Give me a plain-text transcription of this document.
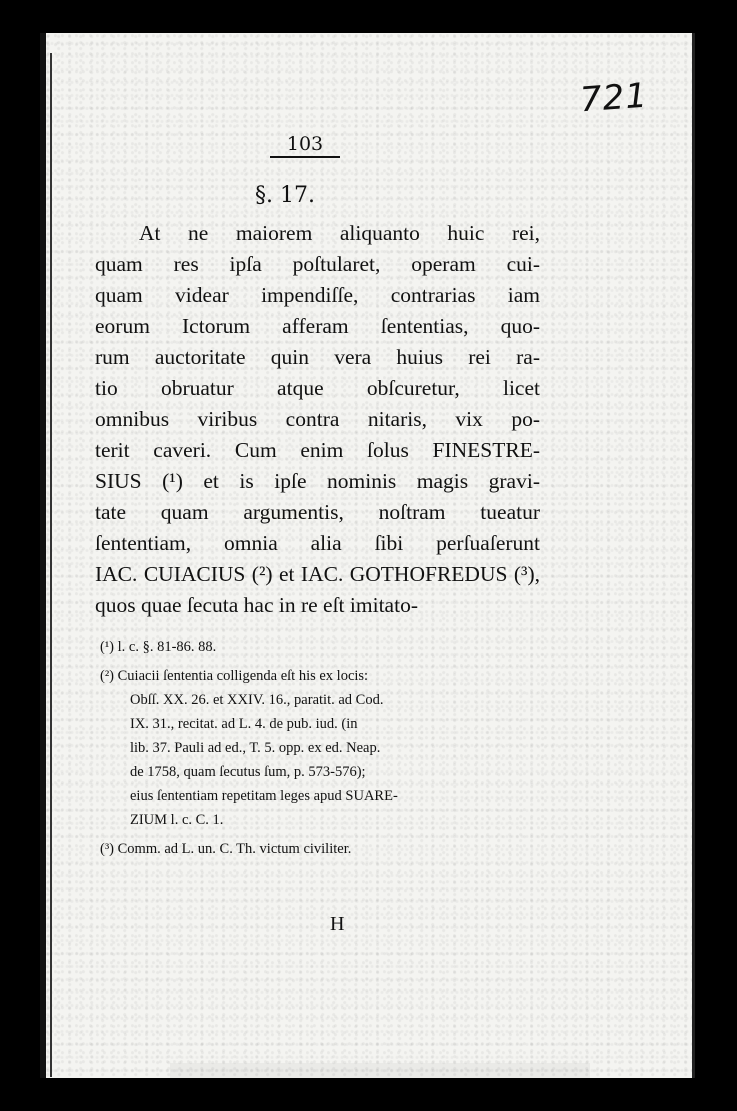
721
103
§. 17.
At ne maiorem aliquanto huic rei,
quam res ipſa poſtularet, operam cui-
quam videar impendiſſe, contrarias iam
eorum Ictorum afferam ſententias, quo-
rum auctoritate quin vera huius rei ra-
tio obruatur atque obſcuretur, licet
omnibus viribus contra nitaris, vix po-
terit caveri. Cum enim ſolus FINESTRE-
SIUS (¹) et is ipſe nominis magis gravi-
tate quam argumentis, noſtram tueatur
ſententiam, omnia alia ſibi perſuaſerunt
IAC. CUIACIUS (²) et IAC. GOTHOFREDUS (³),
quos quae ſecuta hac in re eſt imitato-
(¹) l. c. §. 81-86. 88.
(²) Cuiacii ſententia colligenda eſt his ex locis:
Obſſ. XX. 26. et XXIV. 16., paratit. ad Cod.
IX. 31., recitat. ad L. 4. de pub. iud. (in
lib. 37. Pauli ad ed., T. 5. opp. ex ed. Neap.
de 1758, quam ſecutus ſum, p. 573-576);
eius ſententiam repetitam leges apud SUARE-
ZIUM l. c. C. 1.
(³) Comm. ad L. un. C. Th. victum civiliter.
H
